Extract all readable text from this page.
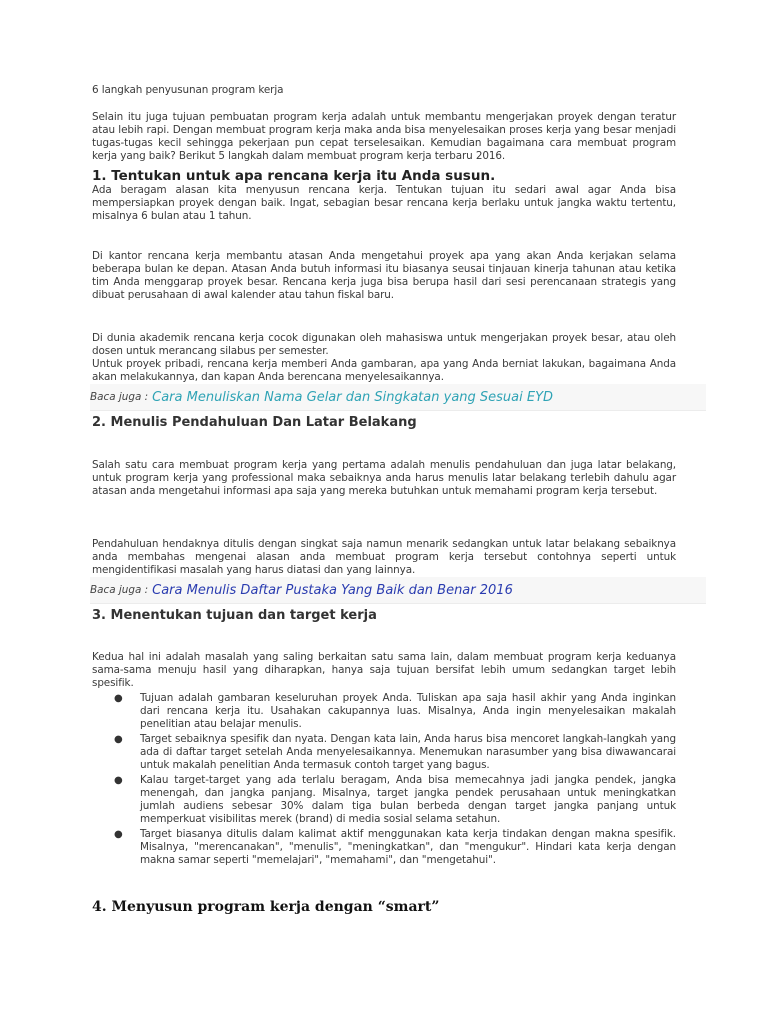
6 langkah penyusunan program kerja
Selain itu juga tujuan pembuatan program kerja adalah untuk membantu mengerjakan proyek dengan teratur atau lebih rapi. Dengan membuat program kerja maka anda bisa menyelesaikan proses kerja yang besar menjadi tugas-tugas kecil sehingga pekerjaan pun cepat terselesaikan. Kemudian bagaimana cara membuat program kerja yang baik? Berikut 5 langkah dalam membuat program kerja terbaru 2016.
1. Tentukan untuk apa rencana kerja itu Anda susun.
Ada beragam alasan kita menyusun rencana kerja. Tentukan tujuan itu sedari awal agar Anda bisa mempersiapkan proyek dengan baik. Ingat, sebagian besar rencana kerja berlaku untuk jangka waktu tertentu, misalnya 6 bulan atau 1 tahun.
Di kantor rencana kerja membantu atasan Anda mengetahui proyek apa yang akan Anda kerjakan selama beberapa bulan ke depan. Atasan Anda butuh informasi itu biasanya seusai tinjauan kinerja tahunan atau ketika tim Anda menggarap proyek besar. Rencana kerja juga bisa berupa hasil dari sesi perencanaan strategis yang dibuat perusahaan di awal kalender atau tahun fiskal baru.
Di dunia akademik rencana kerja cocok digunakan oleh mahasiswa untuk mengerjakan proyek besar, atau oleh dosen untuk merancang silabus per semester.
Untuk proyek pribadi, rencana kerja memberi Anda gambaran, apa yang Anda berniat lakukan, bagaimana Anda akan melakukannya, dan kapan Anda berencana menyelesaikannya.
Baca juga : Cara Menuliskan Nama Gelar dan Singkatan yang Sesuai EYD
2. Menulis Pendahuluan Dan Latar Belakang
Salah satu cara membuat program kerja yang pertama adalah menulis pendahuluan dan juga latar belakang, untuk program kerja yang professional maka sebaiknya anda harus menulis latar belakang terlebih dahulu agar atasan anda mengetahui informasi apa saja yang mereka butuhkan untuk memahami program kerja tersebut.
Pendahuluan hendaknya ditulis dengan singkat saja namun menarik sedangkan untuk latar belakang sebaiknya anda membahas mengenai alasan anda membuat program kerja tersebut contohnya seperti untuk mengidentifikasi masalah yang harus diatasi dan yang lainnya.
Baca juga : Cara Menulis Daftar Pustaka Yang Baik dan Benar 2016
3. Menentukan tujuan dan target kerja
Kedua hal ini adalah masalah yang saling berkaitan satu sama lain, dalam membuat program kerja keduanya sama-sama menuju hasil yang diharapkan, hanya saja tujuan bersifat lebih umum sedangkan target lebih spesifik.
● Tujuan adalah gambaran keseluruhan proyek Anda. Tuliskan apa saja hasil akhir yang Anda inginkan dari rencana kerja itu. Usahakan cakupannya luas. Misalnya, Anda ingin menyelesaikan makalah penelitian atau belajar menulis.
● Target sebaiknya spesifik dan nyata. Dengan kata lain, Anda harus bisa mencoret langkah-langkah yang ada di daftar target setelah Anda menyelesaikannya. Menemukan narasumber yang bisa diwawancarai untuk makalah penelitian Anda termasuk contoh target yang bagus.
● Kalau target-target yang ada terlalu beragam, Anda bisa memecahnya jadi jangka pendek, jangka menengah, dan jangka panjang. Misalnya, target jangka pendek perusahaan untuk meningkatkan jumlah audiens sebesar 30% dalam tiga bulan berbeda dengan target jangka panjang untuk memperkuat visibilitas merek (brand) di media sosial selama setahun.
● Target biasanya ditulis dalam kalimat aktif menggunakan kata kerja tindakan dengan makna spesifik. Misalnya, "merencanakan", "menulis", "meningkatkan", dan "mengukur". Hindari kata kerja dengan makna samar seperti "memelajari", "memahami", dan "mengetahui".
4. Menyusun program kerja dengan “smart”
